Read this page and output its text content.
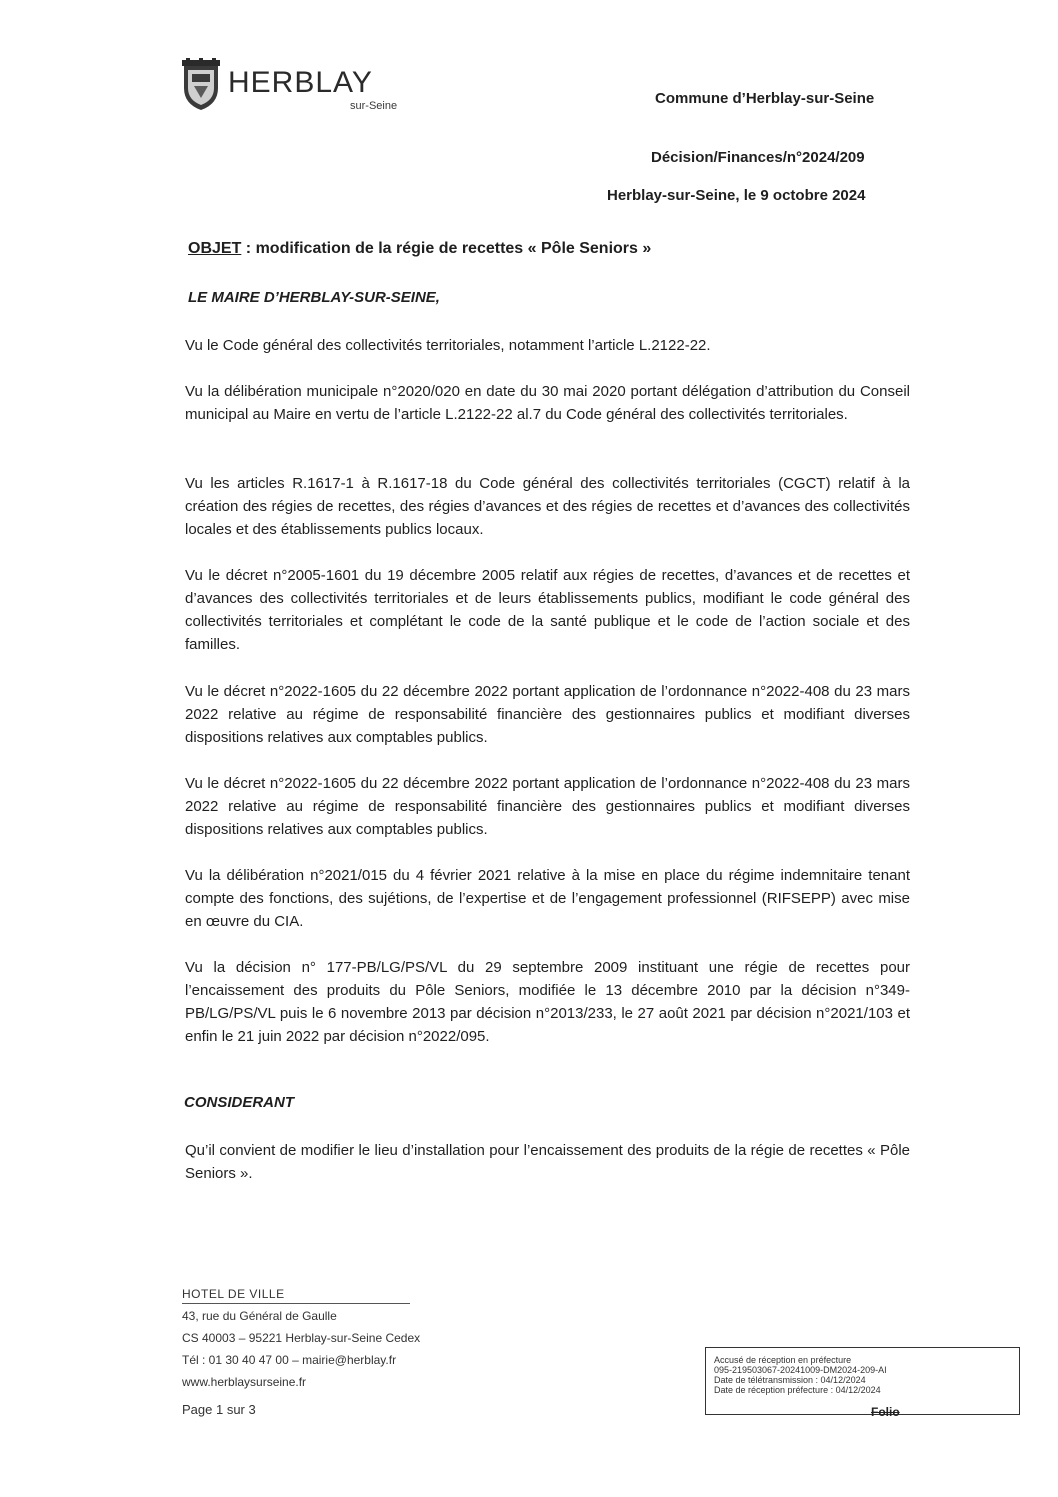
HERBLAY
sur-Seine	Commune d’Herblay-sur-Seine
Décision/Finances/n°2024/209
Herblay-sur-Seine, le 9 octobre 2024
OBJET : modification de la régie de recettes « Pôle Seniors »
LE MAIRE D’HERBLAY-SUR-SEINE,

Vu le Code général des collectivités territoriales, notamment l’article L.2122-22.

Vu la délibération municipale n°2020/020 en date du 30 mai 2020 portant délégation d’attribution du Conseil municipal au Maire en vertu de l’article L.2122-22 al.7 du Code général des collectivités territoriales.

Vu les articles R.1617-1 à R.1617-18 du Code général des collectivités territoriales (CGCT) relatif à la création des régies de recettes, des régies d’avances et des régies de recettes et d’avances des collectivités locales et des établissements publics locaux.

Vu le décret n°2005-1601 du 19 décembre 2005 relatif aux régies de recettes, d’avances et de recettes et d’avances des collectivités territoriales et de leurs établissements publics, modifiant le code général des collectivités territoriales et complétant le code de la santé publique et le code de l’action sociale et des familles.

Vu le décret n°2022-1605 du 22 décembre 2022 portant application de l’ordonnance n°2022-408 du 23 mars 2022 relative au régime de responsabilité financière des gestionnaires publics et modifiant diverses dispositions relatives aux comptables publics.

Vu le décret n°2022-1605 du 22 décembre 2022 portant application de l’ordonnance n°2022-408 du 23 mars 2022 relative au régime de responsabilité financière des gestionnaires publics et modifiant diverses dispositions relatives aux comptables publics.

Vu la délibération n°2021/015 du 4 février 2021 relative à la mise en place du régime indemnitaire tenant compte des fonctions, des sujétions, de l’expertise et de l’engagement professionnel (RIFSEPP) avec mise en œuvre du CIA.

Vu la décision n° 177-PB/LG/PS/VL du 29 septembre 2009 instituant une régie de recettes pour l’encaissement des produits du Pôle Seniors, modifiée le 13 décembre 2010 par la décision n°349-PB/LG/PS/VL puis le 6 novembre 2013 par décision n°2013/233, le 27 août 2021 par décision n°2021/103 et enfin le 21 juin 2022 par décision n°2022/095.

CONSIDERANT

Qu’il convient de modifier le lieu d’installation pour l’encaissement des produits de la régie de recettes « Pôle Seniors ».

HOTEL DE VILLE
43, rue du Général de Gaulle
CS 40003 – 95221 Herblay-sur-Seine Cedex
Tél : 01 30 40 47 00 – mairie@herblay.fr
www.herblaysurseine.fr
Page 1 sur 3
Accusé de réception en préfecture
095-219503067-20241009-DM2024-209-AI
Date de télétransmission : 04/12/2024
Date de réception préfecture : 04/12/2024
Folio
